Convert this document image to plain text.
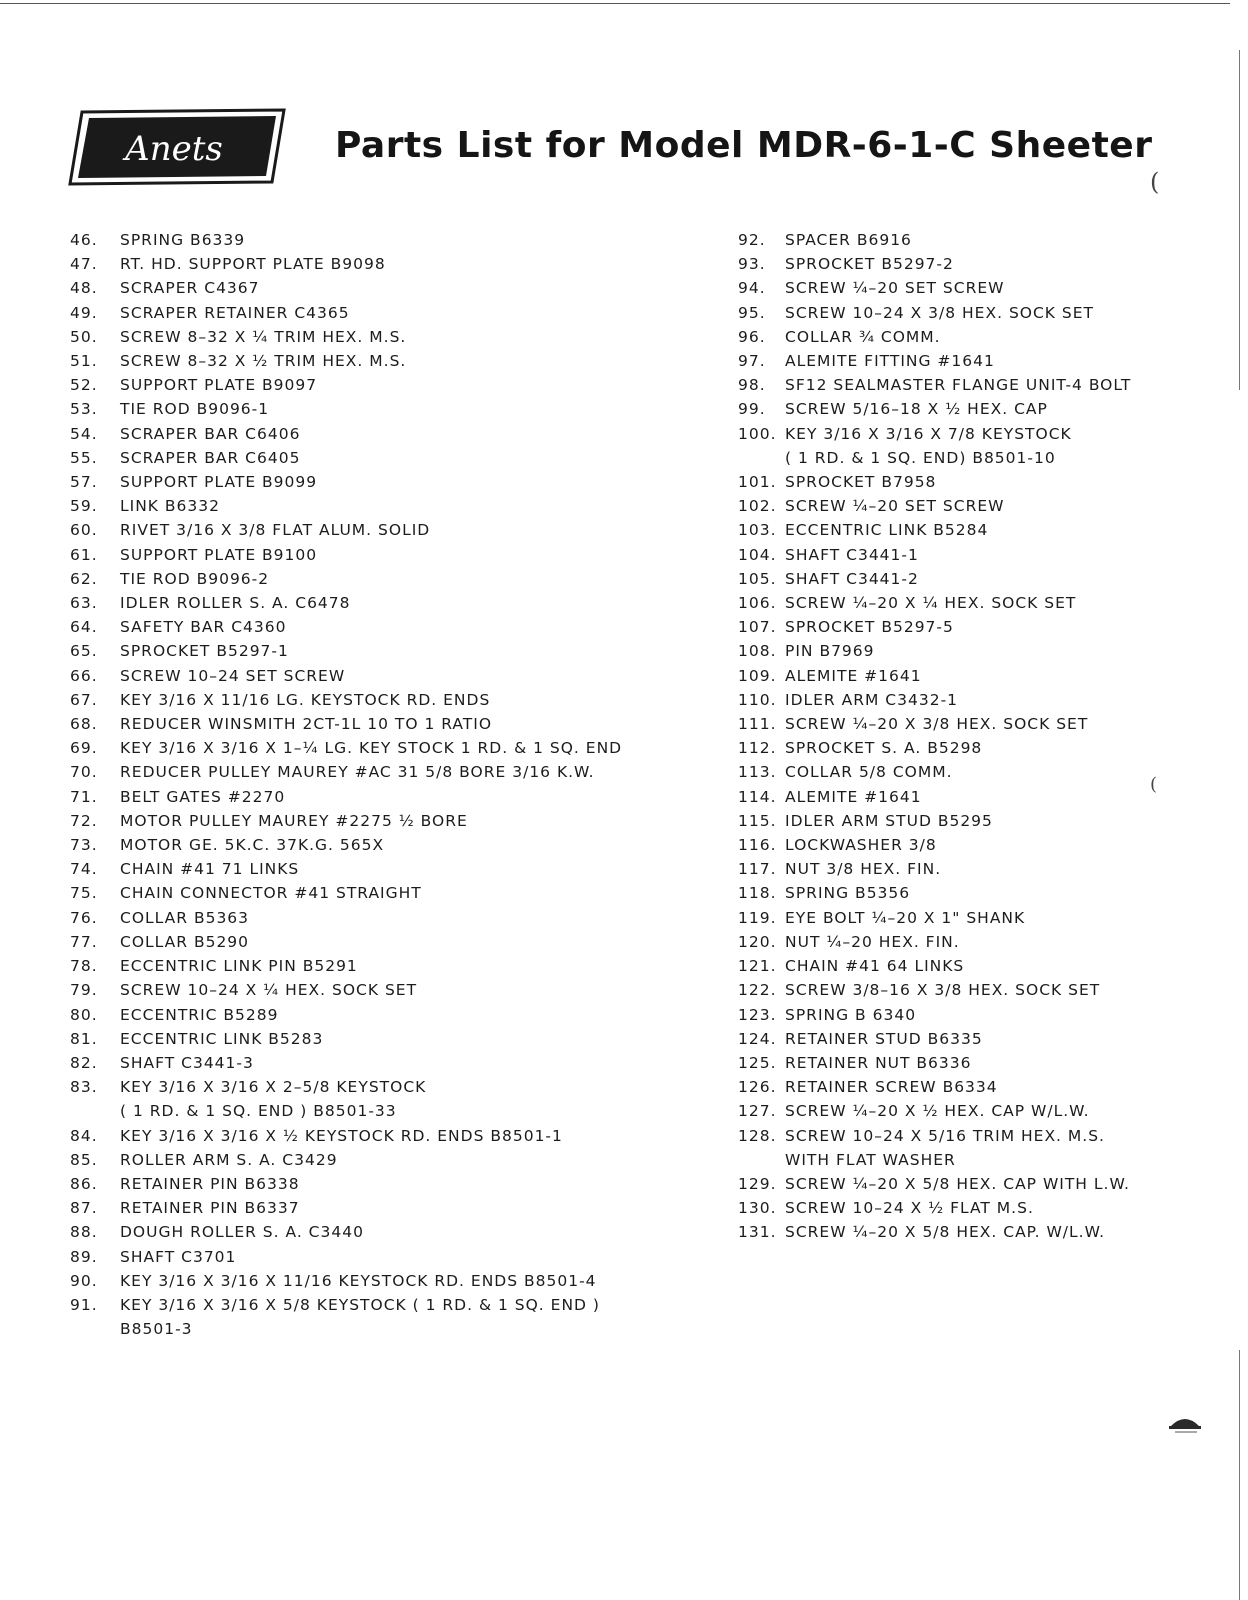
Anets	Parts List for Model MDR-6-1-C Sheeter
46.	SPRING B6339
47.	RT. HD. SUPPORT PLATE B9098
48.	SCRAPER C4367
49.	SCRAPER RETAINER C4365
50.	SCREW 8–32 X ¼ TRIM HEX. M.S.
51.	SCREW 8–32 X ½ TRIM HEX. M.S.
52.	SUPPORT PLATE B9097
53.	TIE ROD B9096-1
54.	SCRAPER BAR C6406
55.	SCRAPER BAR C6405
57.	SUPPORT PLATE B9099
59.	LINK B6332
60.	RIVET 3/16 X 3/8 FLAT ALUM. SOLID
61.	SUPPORT PLATE B9100
62.	TIE ROD B9096-2
63.	IDLER ROLLER S. A. C6478
64.	SAFETY BAR C4360
65.	SPROCKET B5297-1
66.	SCREW 10–24 SET SCREW
67.	KEY 3/16 X 11/16 LG. KEYSTOCK RD. ENDS
68.	REDUCER WINSMITH 2CT-1L 10 TO 1 RATIO
69.	KEY 3/16 X 3/16 X 1–¼ LG. KEY STOCK 1 RD. & 1 SQ. END
70.	REDUCER PULLEY MAUREY #AC 31 5/8 BORE 3/16 K.W.
71.	BELT GATES #2270
72.	MOTOR PULLEY MAUREY #2275 ½ BORE
73.	MOTOR GE. 5K.C. 37K.G. 565X
74.	CHAIN #41 71 LINKS
75.	CHAIN CONNECTOR #41 STRAIGHT
76.	COLLAR B5363
77.	COLLAR B5290
78.	ECCENTRIC LINK PIN B5291
79.	SCREW 10–24 X ¼ HEX. SOCK SET
80.	ECCENTRIC B5289
81.	ECCENTRIC LINK B5283
82.	SHAFT C3441-3
83.	KEY 3/16 X 3/16 X 2–5/8 KEYSTOCK
( 1 RD. & 1 SQ. END ) B8501-33
84.	KEY 3/16 X 3/16 X ½ KEYSTOCK RD. ENDS B8501-1
85.	ROLLER ARM S. A. C3429
86.	RETAINER PIN B6338
87.	RETAINER PIN B6337
88.	DOUGH ROLLER S. A. C3440
89.	SHAFT C3701
90.	KEY 3/16 X 3/16 X 11/16 KEYSTOCK RD. ENDS B8501-4
91.	KEY 3/16 X 3/16 X 5/8 KEYSTOCK ( 1 RD. & 1 SQ. END )
B8501-3
92.	SPACER B6916
93.	SPROCKET B5297-2
94.	SCREW ¼–20 SET SCREW
95.	SCREW 10–24 X 3/8 HEX. SOCK SET
96.	COLLAR ¾ COMM.
97.	ALEMITE FITTING #1641
98.	SF12 SEALMASTER FLANGE UNIT-4 BOLT
99.	SCREW 5/16–18 X ½ HEX. CAP
100. KEY 3/16 X 3/16 X 7/8 KEYSTOCK
( 1 RD. & 1 SQ. END) B8501-10
101. SPROCKET B7958
102. SCREW ¼–20 SET SCREW
103. ECCENTRIC LINK B5284
104. SHAFT C3441-1
105. SHAFT C3441-2
106. SCREW ¼–20 X ¼ HEX. SOCK SET
107. SPROCKET B5297-5
108. PIN B7969
109. ALEMITE #1641
110. IDLER ARM C3432-1
111. SCREW ¼–20 X 3/8 HEX. SOCK SET
112. SPROCKET S. A. B5298
113. COLLAR 5/8 COMM.
114. ALEMITE #1641
115. IDLER ARM STUD B5295
116. LOCKWASHER 3/8
117. NUT 3/8 HEX. FIN.
118. SPRING B5356
119. EYE BOLT ¼–20 X 1" SHANK
120. NUT ¼–20 HEX. FIN.
121. CHAIN #41 64 LINKS
122. SCREW 3/8–16 X 3/8 HEX. SOCK SET
123. SPRING B 6340
124. RETAINER STUD B6335
125. RETAINER NUT B6336
126. RETAINER SCREW B6334
127. SCREW ¼–20 X ½ HEX. CAP W/L.W.
128. SCREW 10–24 X 5/16 TRIM HEX. M.S.
WITH FLAT WASHER
129. SCREW ¼–20 X 5/8 HEX. CAP WITH L.W.
130. SCREW 10–24 X ½ FLAT M.S.
131. SCREW ¼–20 X 5/8 HEX. CAP. W/L.W.
(
(
